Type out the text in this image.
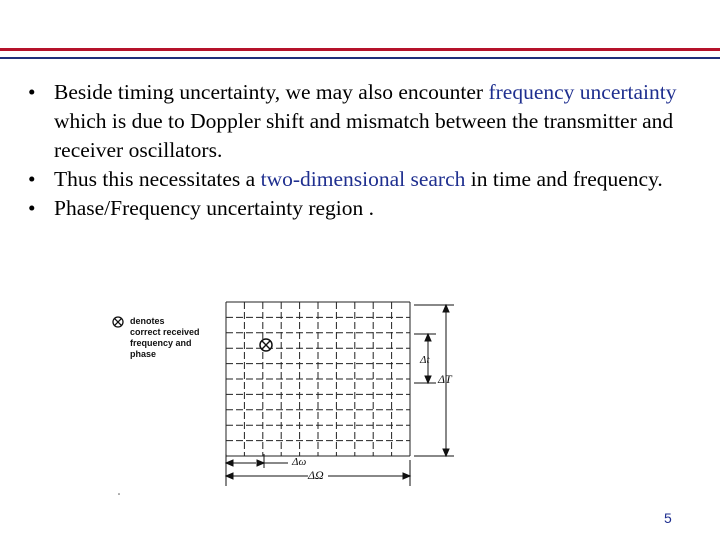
• Beside timing uncertainty, we may also encounter frequency uncertainty which is due to Doppler shift and mismatch between the transmitter and receiver oscillators.

• Thus this necessitates a two-dimensional search in time and frequency.

• Phase/Frequency uncertainty region .

denotes
correct received
frequency and
phase	Δt
ΔT
Δω
ΔΩ
5
